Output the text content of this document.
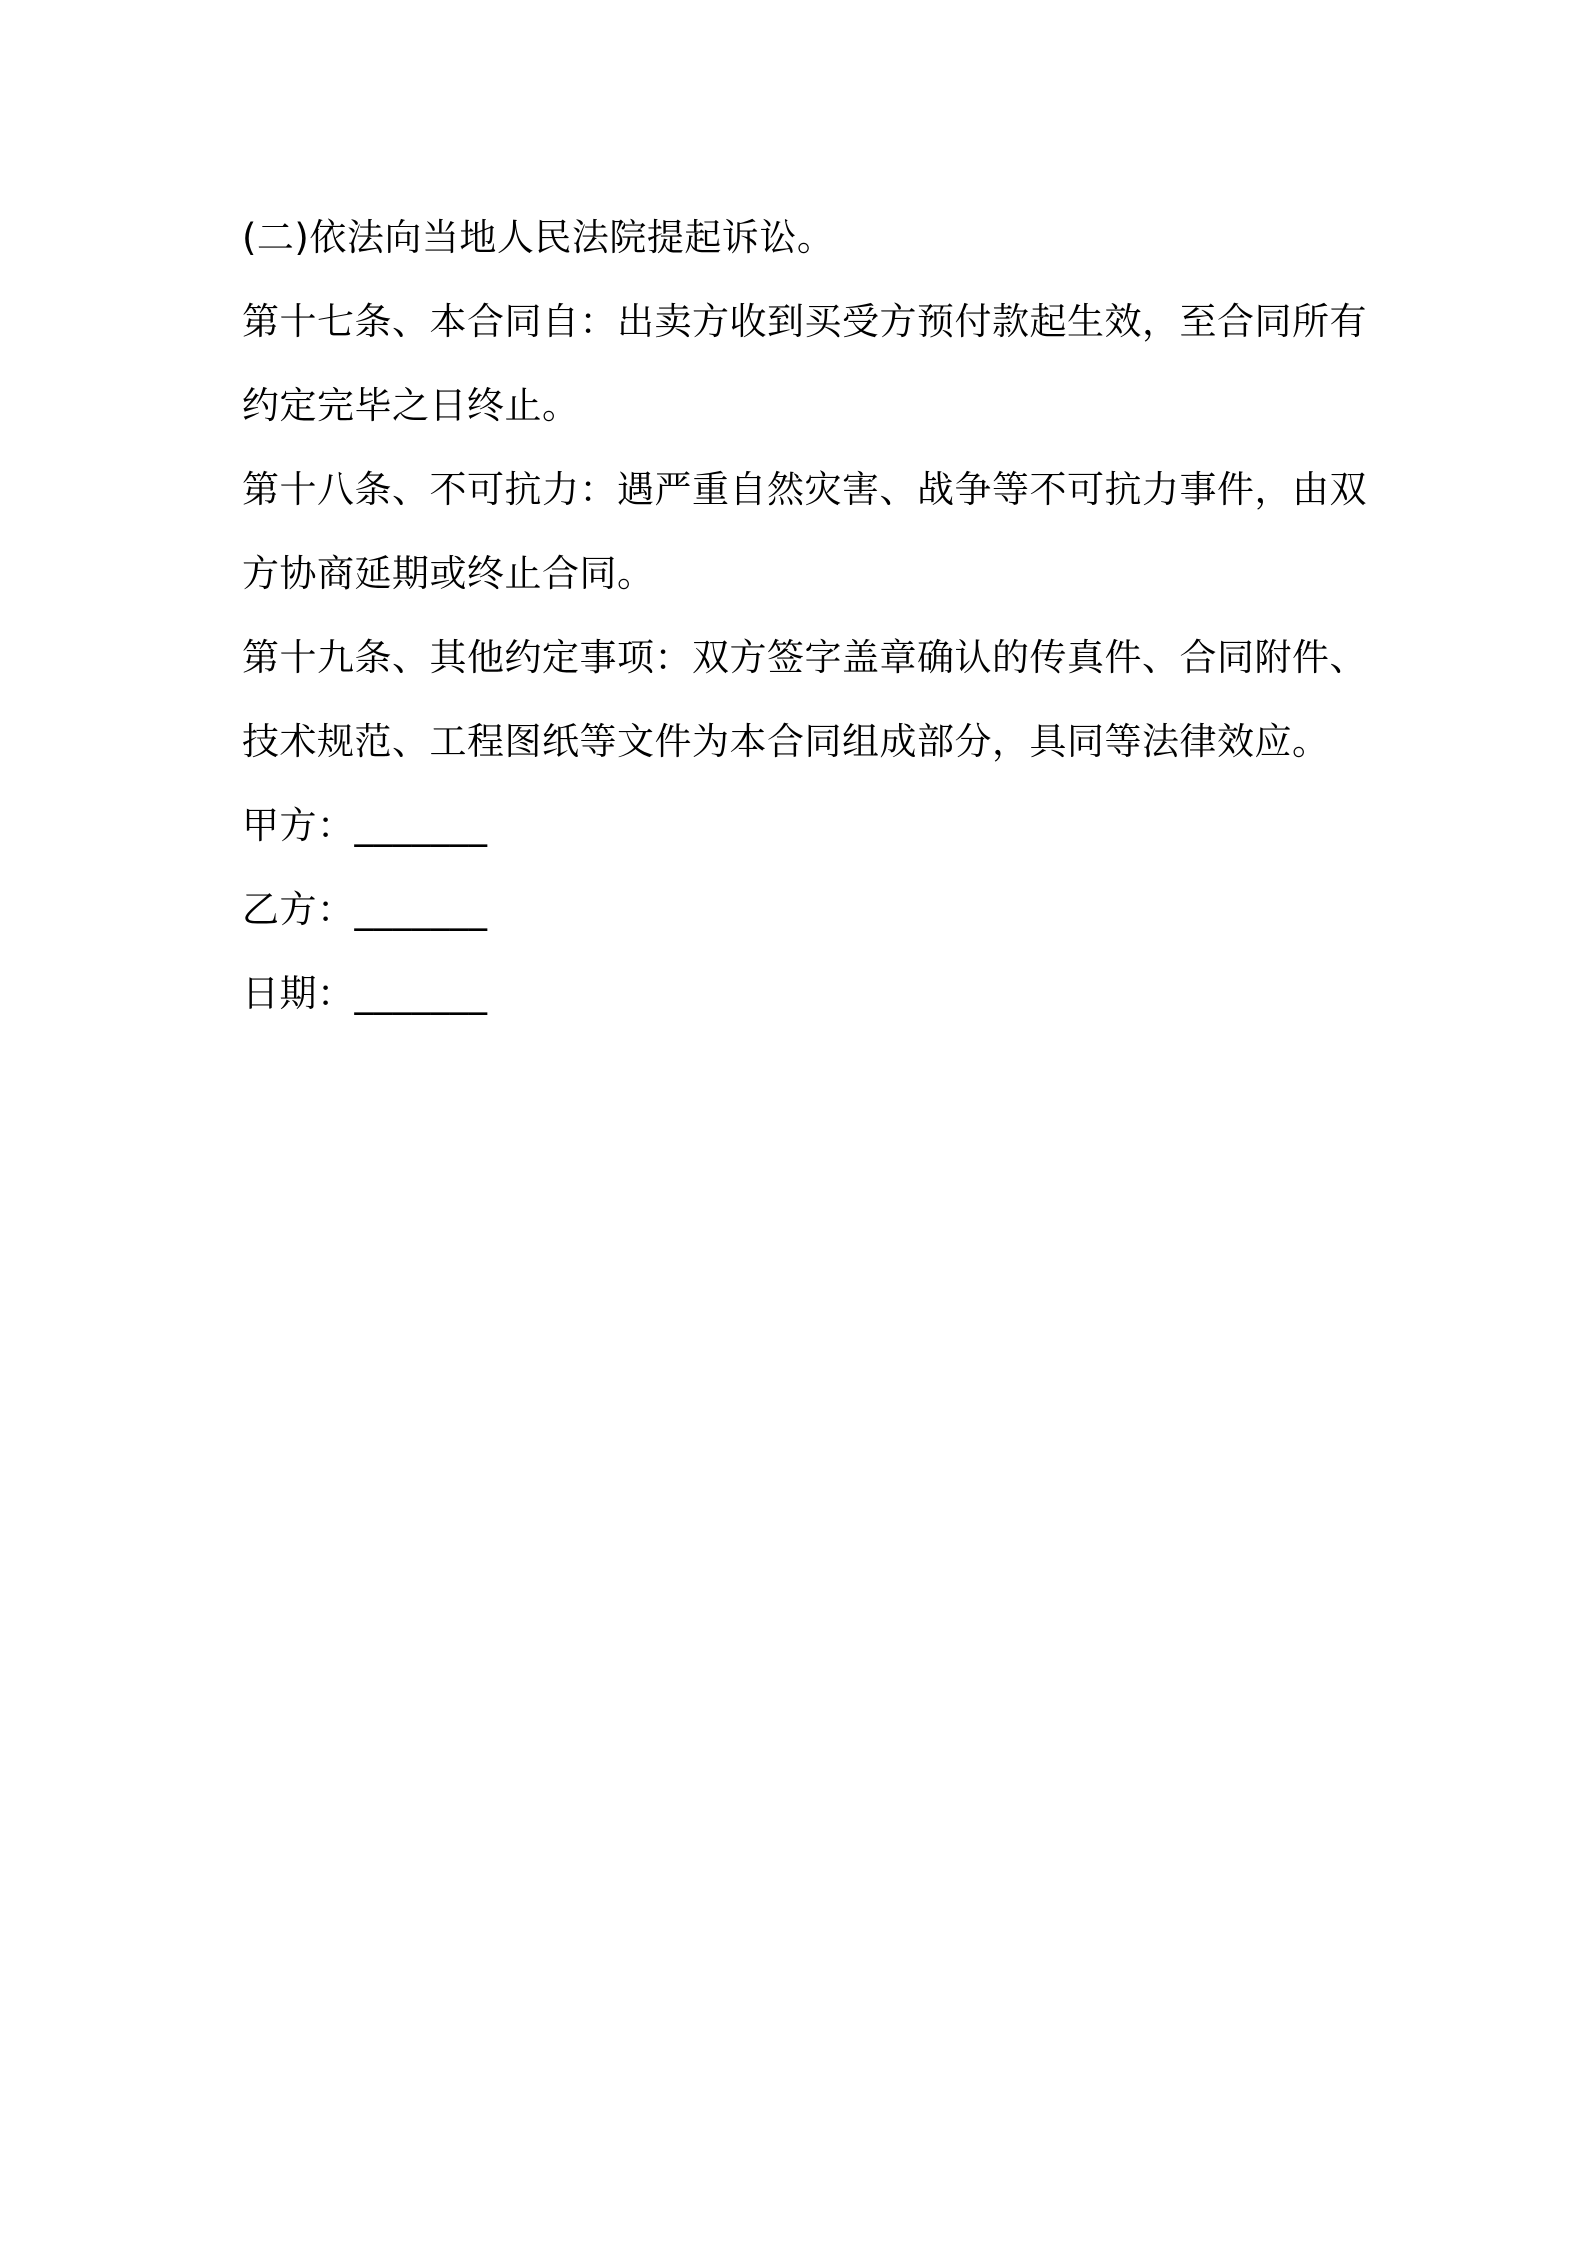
(二)依法向当地人民法院提起诉讼。
第十七条、本合同自：出卖方收到买受方预付款起生效，至合同所有
约定完毕之日终止。
第十八条、不可抗力：遇严重自然灾害、战争等不可抗力事件，由双
方协商延期或终止合同。
第十九条、其他约定事项：双方签字盖章确认的传真件、合同附件、
技术规范、工程图纸等文件为本合同组成部分，具同等法律效应。
甲方：_______
乙方：_______
日期：_______
